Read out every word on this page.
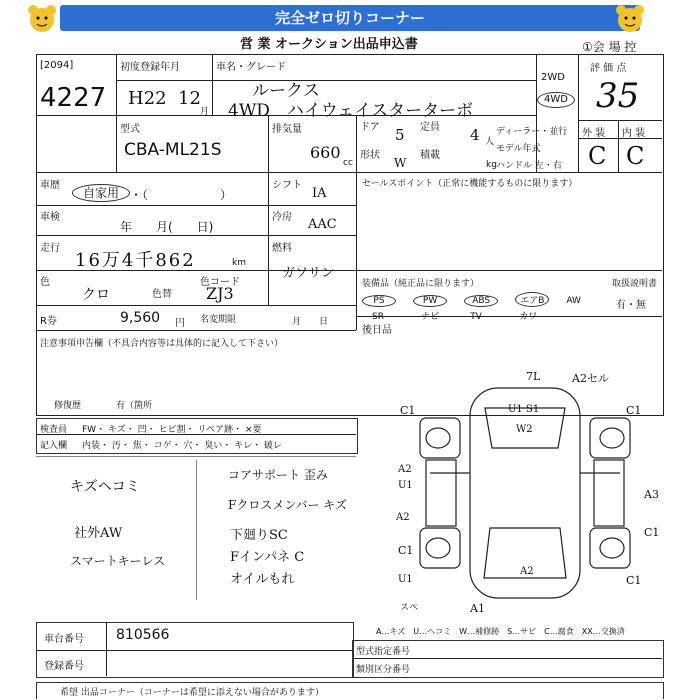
完全ゼロ切りコーナー
営 業 オークション出品申込書	①会 場 控
[2094]
4227
初度登録年月
H22 12
月
車名・グレード
ルークス
4WD　ハイウェイスターターボ
2WD
4WD
評 価 点
35
型式
CBA-ML21S
排気量
660
cc
ドア 5 定員 4 人
形状
W
積載
kg
ディーラー・並行
モデル年式
ハンドル 左・右
外 装 内 装
C C
車歴
自家用 ・（　　　　　　）
シフト
IA
車検
年　　月(　　日)
冷房 AAC
走行
16万4千862	km
燃料
ガソリン
色
クロ	色替
色コード
ZJ3
R券	9,560 円 名変期限	月　　日
注意事項申告欄（不具合内容等は具体的に記入して下さい）
修復歴	有（箇所
セールスポイント（正常に機能するものに限ります）
装備品（純正品に限ります）	取扱説明書
有・無
PS	PW	ABS	エアB AW
SR	ナビ	TV	カワ
後日品
検査員
記入欄
FW・ キズ・ 凹・ ヒビ割・ リペア跡・ ×要
内装・ 汚・ 焦・ コゲ・ 穴・ 臭い・ キレ・ 破レ
キズヘコミ
社外AW
スマートキーレス
コアサポート 歪み
Fクロスメンバー キズ
下廻りSC
Fインパネ C
オイルもれ
7L	A2セル
C1	U1 S1
W2
A2
A2
U1
C1
A3
C1
A2
C1
U1	C1
A1
スペ
A…キズ　U…ヘコミ　W…補修跡　S…サビ　C…腐食　XX…交換済
車台番号 810566
登録番号
型式指定番号
類別区分番号
希望 出品コーナー（コーナーは希望に添えない場合があります）
